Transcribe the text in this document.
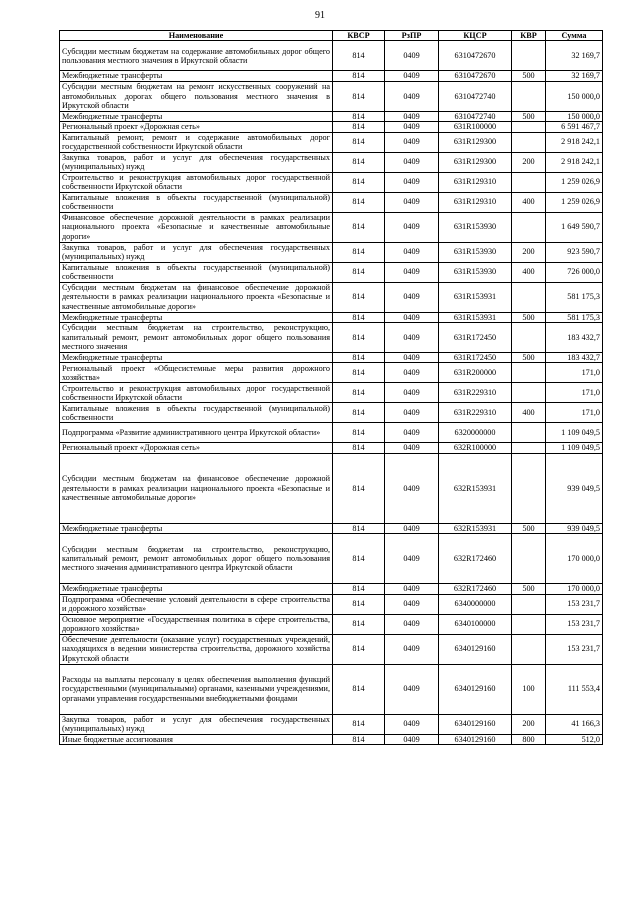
91
Наименование	КВСР	РзПР	КЦСР	КВР	Сумма
Субсидии местным бюджетам на содержание автомобильных дорог общего пользования местного значения в Иркутской области	814	0409	6310472670		32 169,7
Межбюджетные трансферты	814	0409	6310472670	500	32 169,7
Субсидии местным бюджетам на ремонт искусственных сооружений на автомобильных дорогах общего пользования местного значения в Иркутской области	814	0409	6310472740		150 000,0
Межбюджетные трансферты	814	0409	6310472740	500	150 000,0
Региональный проект «Дорожная сеть»	814	0409	631R100000		6 591 467,7
Капитальный ремонт, ремонт и содержание автомобильных дорог государственной собственности Иркутской области	814	0409	631R129300		2 918 242,1
Закупка товаров, работ и услуг для обеспечения государственных (муниципальных) нужд	814	0409	631R129300	200	2 918 242,1
Строительство и реконструкция автомобильных дорог государственной собственности Иркутской области	814	0409	631R129310		1 259 026,9
Капитальные вложения в объекты государственной (муниципальной) собственности	814	0409	631R129310	400	1 259 026,9
Финансовое обеспечение дорожной деятельности в рамках реализации национального проекта «Безопасные и качественные автомобильные дороги»	814	0409	631R153930		1 649 590,7
Закупка товаров, работ и услуг для обеспечения государственных (муниципальных) нужд	814	0409	631R153930	200	923 590,7
Капитальные вложения в объекты государственной (муниципальной) собственности	814	0409	631R153930	400	726 000,0
Субсидии местным бюджетам на финансовое обеспечение дорожной деятельности в рамках реализации национального проекта «Безопасные и качественные автомобильные дороги»	814	0409	631R153931		581 175,3
Межбюджетные трансферты	814	0409	631R153931	500	581 175,3
Субсидии местным бюджетам на строительство, реконструкцию, капитальный ремонт, ремонт автомобильных дорог общего пользования местного значения	814	0409	631R172450		183 432,7
Межбюджетные трансферты	814	0409	631R172450	500	183 432,7
Региональный проект «Общесистемные меры развития дорожного хозяйства»	814	0409	631R200000		171,0
Строительство и реконструкция автомобильных дорог государственной собственности Иркутской области	814	0409	631R229310		171,0
Капитальные вложения в объекты государственной (муниципальной) собственности	814	0409	631R229310	400	171,0
Подпрограмма «Развитие административного центра Иркутской области»	814	0409	6320000000		1 109 049,5
Региональный проект «Дорожная сеть»	814	0409	632R100000		1 109 049,5
Субсидии местным бюджетам на финансовое обеспечение дорожной деятельности в рамках реализации национального проекта «Безопасные и качественные автомобильные дороги»	814	0409	632R153931		939 049,5
Межбюджетные трансферты	814	0409	632R153931	500	939 049,5
Субсидии местным бюджетам на строительство, реконструкцию, капитальный ремонт, ремонт автомобильных дорог общего пользования местного значения административного центра Иркутской области	814	0409	632R172460		170 000,0
Межбюджетные трансферты	814	0409	632R172460	500	170 000,0
Подпрограмма «Обеспечение условий деятельности в сфере строительства и дорожного хозяйства»	814	0409	6340000000		153 231,7
Основное мероприятие «Государственная политика в сфере строительства, дорожного хозяйства»	814	0409	6340100000		153 231,7
Обеспечение деятельности (оказание услуг) государственных учреждений, находящихся в ведении министерства строительства, дорожного хозяйства Иркутской области	814	0409	6340129160		153 231,7
Расходы на выплаты персоналу в целях обеспечения выполнения функций государственными (муниципальными) органами, казенными учреждениями, органами управления государственными внебюджетными фондами	814	0409	6340129160	100	111 553,4
Закупка товаров, работ и услуг для обеспечения государственных (муниципальных) нужд	814	0409	6340129160	200	41 166,3
Иные бюджетные ассигнования	814	0409	6340129160	800	512,0
